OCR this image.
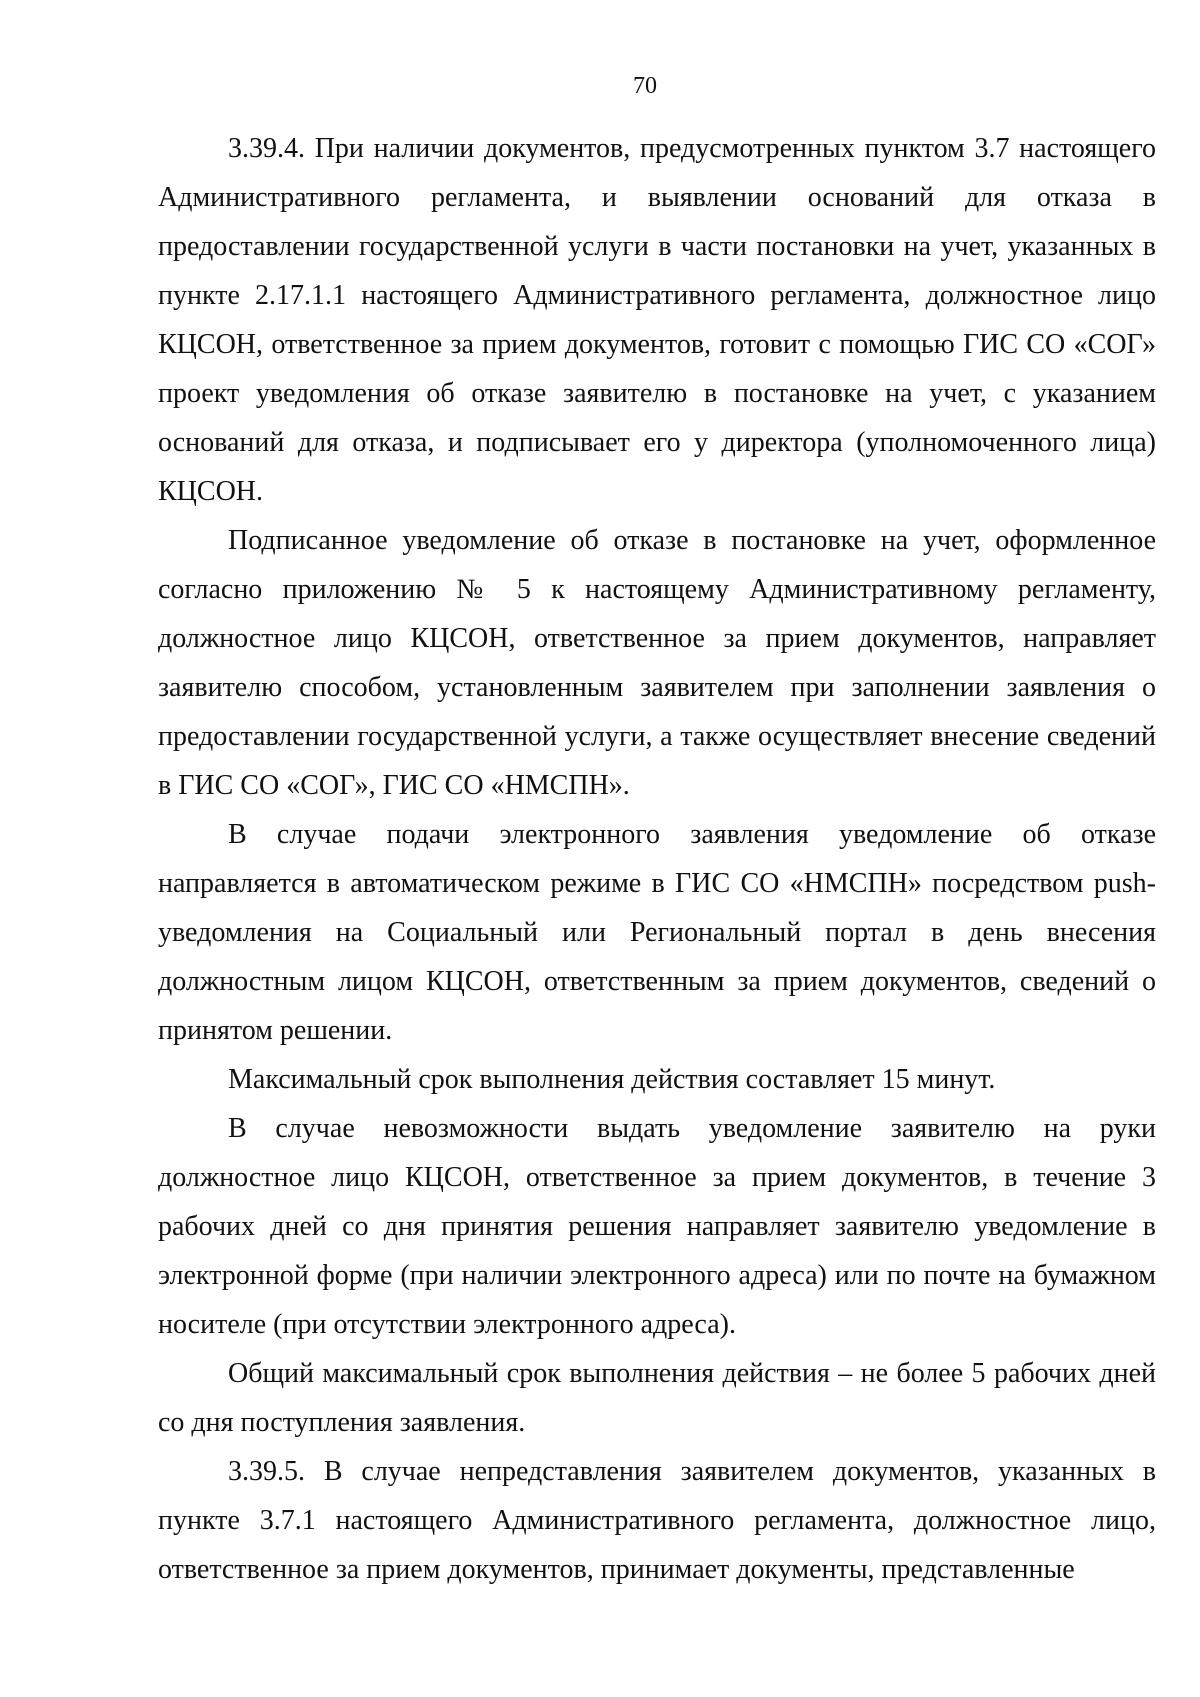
70

3.39.4. При наличии документов, предусмотренных пунктом 3.7 настоящего Административного регламента, и выявлении оснований для отказа в предоставлении государственной услуги в части постановки на учет, указанных в пункте 2.17.1.1 настоящего Административного регламента, должностное лицо КЦСОН, ответственное за прием документов, готовит с помощью ГИС СО «СОГ» проект уведомления об отказе заявителю в постановке на учет, с указанием оснований для отказа, и подписывает его у директора (уполномоченного лица) КЦСОН.

Подписанное уведомление об отказе в постановке на учет, оформленное согласно приложению № 5 к настоящему Административному регламенту, должностное лицо КЦСОН, ответственное за прием документов, направляет заявителю способом, установленным заявителем при заполнении заявления о предоставлении государственной услуги, а также осуществляет внесение сведений в ГИС СО «СОГ», ГИС СО «НМСПН».

В случае подачи электронного заявления уведомление об отказе направляется в автоматическом режиме в ГИС СО «НМСПН» посредством push-уведомления на Социальный или Региональный портал в день внесения должностным лицом КЦСОН, ответственным за прием документов, сведений о принятом решении.

Максимальный срок выполнения действия составляет 15 минут.

В случае невозможности выдать уведомление заявителю на руки должностное лицо КЦСОН, ответственное за прием документов, в течение 3 рабочих дней со дня принятия решения направляет заявителю уведомление в электронной форме (при наличии электронного адреса) или по почте на бумажном носителе (при отсутствии электронного адреса).

Общий максимальный срок выполнения действия – не более 5 рабочих дней со дня поступления заявления.

3.39.5. В случае непредставления заявителем документов, указанных в пункте 3.7.1 настоящего Административного регламента, должностное лицо, ответственное за прием документов, принимает документы, представленные
